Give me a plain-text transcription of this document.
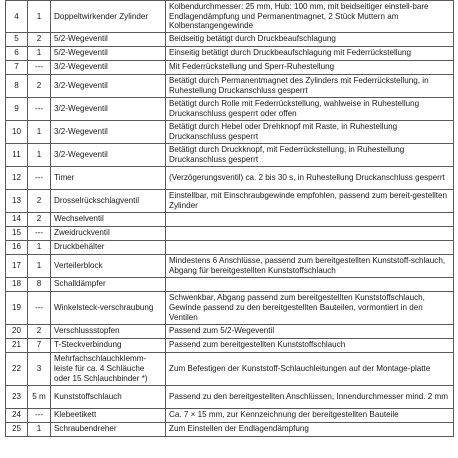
4	1	Doppeltwirkender Zylinder	Kolbendurchmesser: 25 mm, Hub: 100 mm, mit beidseitiger einstell-bare Endlagendämpfung und Permanentmagnet, 2 Stück Muttern am Kolbenstangengewinde
5	2	5/2-Wegeventil	Beidseitig betätigt durch Druckbeaufschlagung
6	1	5/2-Wegeventil	Einseitig betätigt durch Druckbeaufschlagung mit Federrückstellung
7	---	3/2-Wegeventil	Mit Federrückstellung und Sperr-Ruhestellung
8	2	3/2-Wegeventil	Betätigt durch Permanentmagnet des Zylinders mit Federrückstellung, in Ruhestellung Druckanschluss gesperrt
9	---	3/2-Wegeventil	Betätigt durch Rolle mit Federrückstellung, wahlweise in Ruhestellung Druckanschluss gesperrt oder offen
10	1	3/2-Wegeventil	Betätigt durch Hebel oder Drehknopf mit Raste, in Ruhestellung Druckanschluss gesperrt
11	1	3/2-Wegeventil	Betätigt durch Druckknopf, mit Federrückstellung, in Ruhestellung Druckanschluss gesperrt
12	---	Timer	(Verzögerungsventil) ca. 2 bis 30 s, in Ruhestellung Druckanschluss gesperrt
13	2	Drosselrückschlagventil	Einstellbar, mit Einschraubgewinde empfohlen, passend zum bereit-gestellten Zylinder
14	2	Wechselventil	
15	---	Zweidruckventil	
16	1	Druckbehälter	
17	1	Verteilerblock	Mindestens 6 Anschlüsse, passend zum bereitgestellten Kunststoff-schlauch, Abgang für bereitgestellten Kunststoffschlauch
18	8	Schalldämpfer	
19	---	Winkelsteck-verschraubung	Schwenkbar, Abgang passend zum bereitgestellten Kunststoffschlauch, Gewinde passend zu den bereitgestellten Bauteilen, vormontiert in den Ventilen
20	2	Verschlussstopfen	Passend zum 5/2-Wegeventil
21	7	T-Steckverbindung	Passend zum bereitgestellten Kunststoffschlauch
22	3	Mehrfachschlauchklemm-leiste für ca. 4 Schläuche oder 15 Schlauchbinder *)	Zum Befestigen der Kunststoff-Schlauchleitungen auf der Montage-platte
23	5 m	Kunststoffschlauch	Passend zu den bereitgestellten Anschlüssen, Innendurchmesser mind. 2 mm
24	---	Klebeetikett	Ca. 7 × 15 mm, zur Kennzeichnung der bereitgestellten Bauteile
25	1	Schraubendreher	Zum Einstellen der Endlagendämpfung
